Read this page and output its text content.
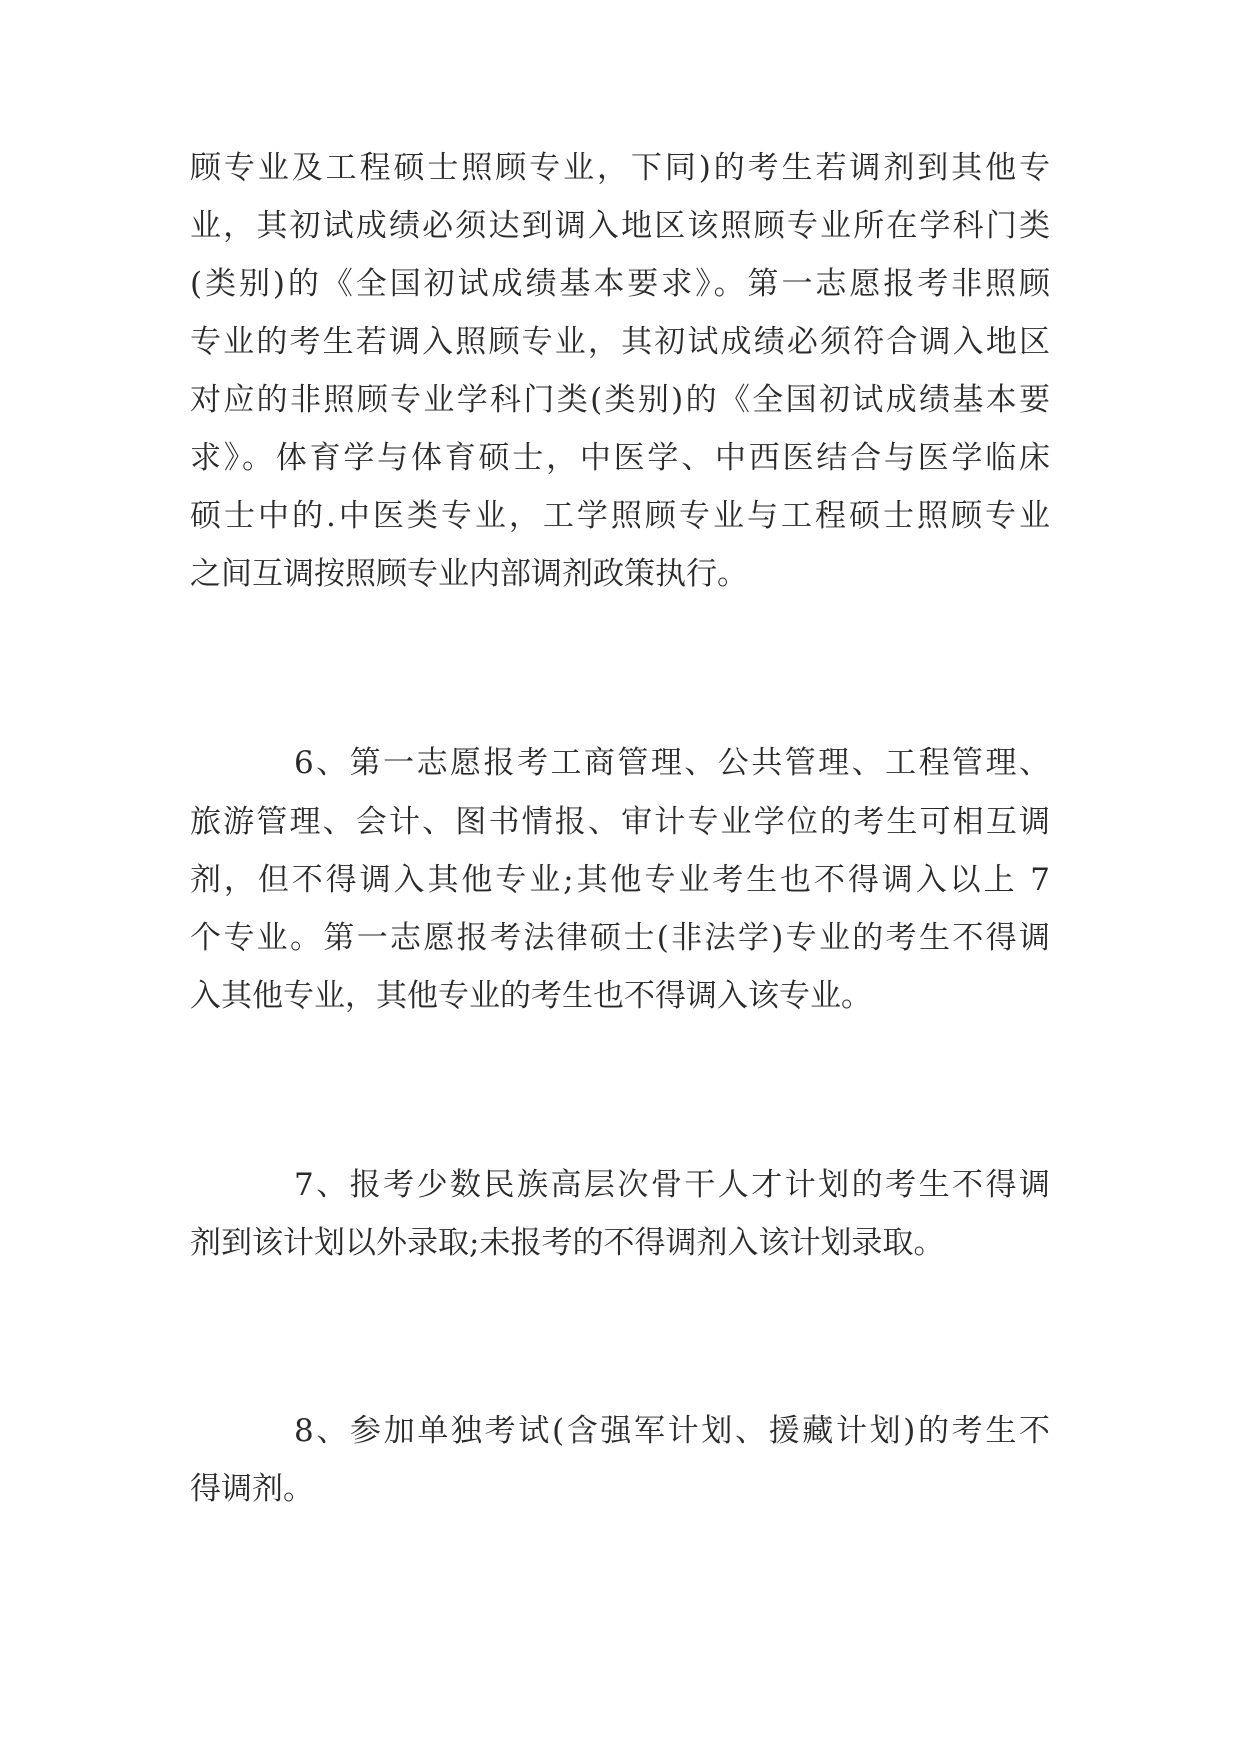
顾专业及工程硕士照顾专业，下同)的考生若调剂到其他专
业，其初试成绩必须达到调入地区该照顾专业所在学科门类
(类别)的《全国初试成绩基本要求》。第一志愿报考非照顾
专业的考生若调入照顾专业，其初试成绩必须符合调入地区
对应的非照顾专业学科门类(类别)的《全国初试成绩基本要
求》。体育学与体育硕士，中医学、中西医结合与医学临床
硕士中的.中医类专业，工学照顾专业与工程硕士照顾专业
之间互调按照顾专业内部调剂政策执行。
6、第一志愿报考工商管理、公共管理、工程管理、
旅游管理、会计、图书情报、审计专业学位的考生可相互调
剂，但不得调入其他专业;其他专业考生也不得调入以上 7
个专业。第一志愿报考法律硕士(非法学)专业的考生不得调
入其他专业，其他专业的考生也不得调入该专业。
7、报考少数民族高层次骨干人才计划的考生不得调
剂到该计划以外录取;未报考的不得调剂入该计划录取。
8、参加单独考试(含强军计划、援藏计划)的考生不
得调剂。
